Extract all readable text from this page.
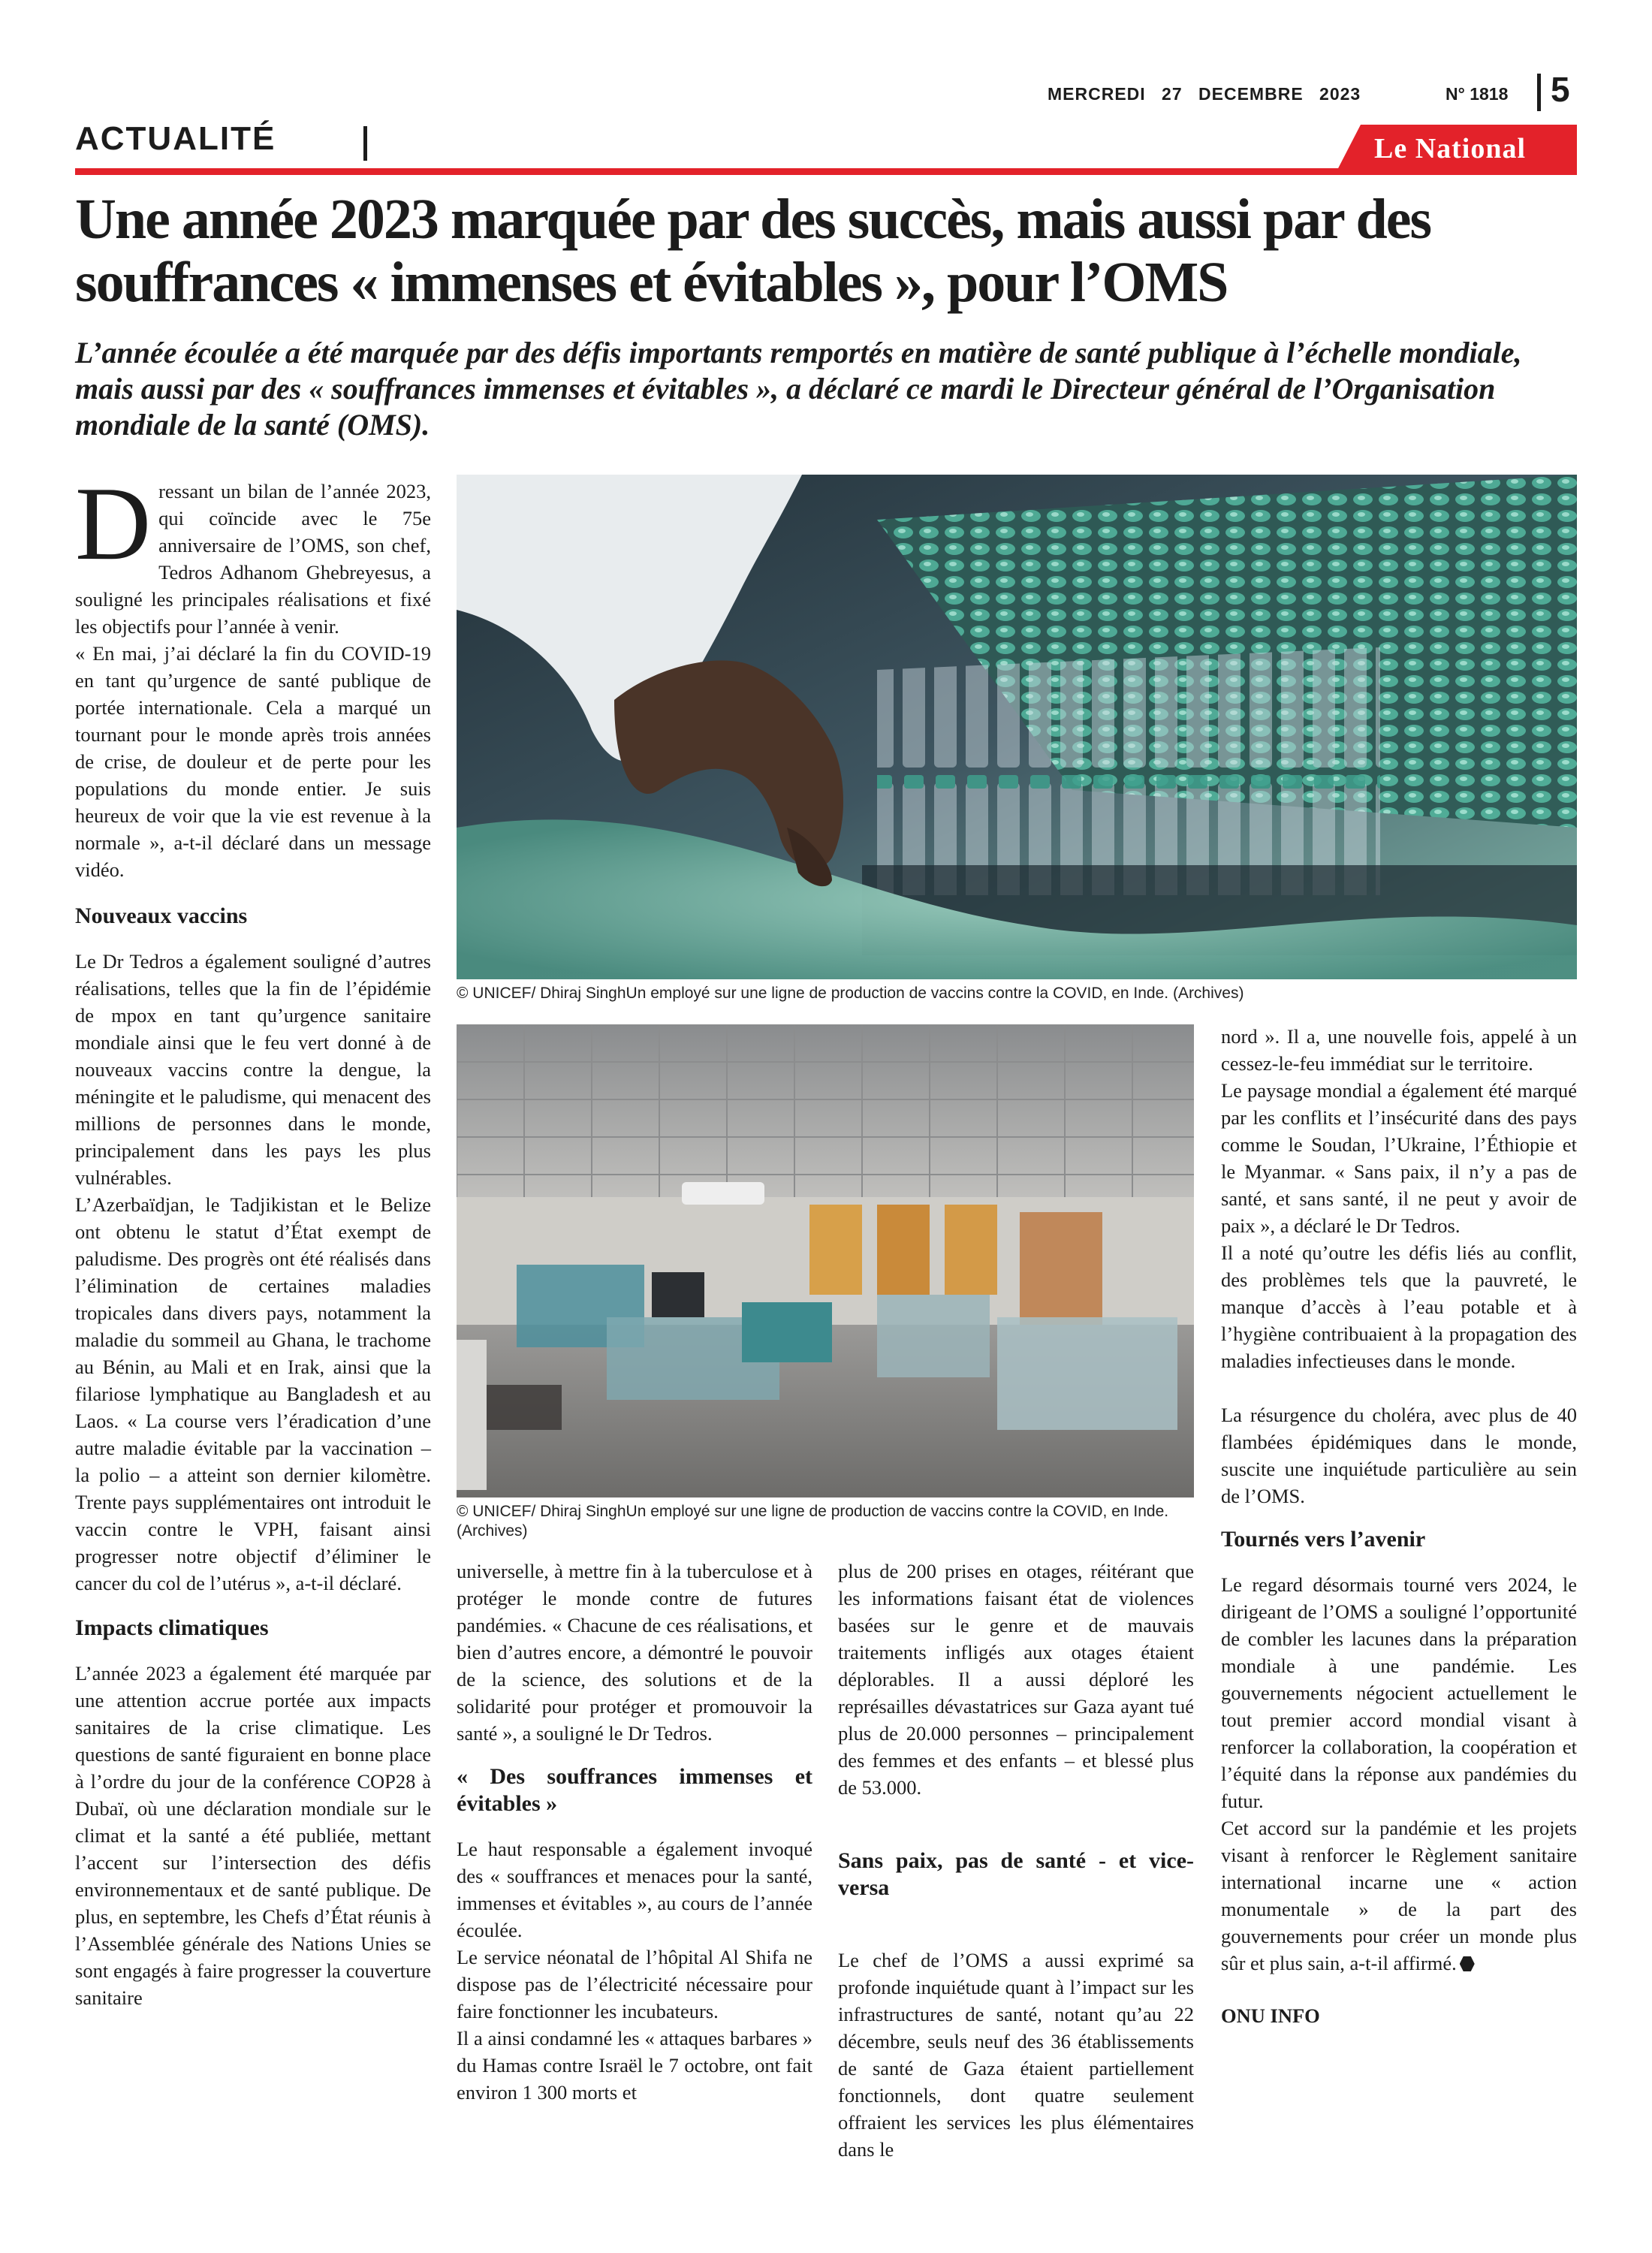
MERCREDI 27 DECEMBRE 2023	N° 1818 5
ACTUALITÉ	Le National
Une année 2023 marquée par des succès, mais aussi par des souffrances « immenses et évitables », pour l’OMS

L’année écoulée a été marquée par des défis importants remportés en matière de santé publique à l’échelle mondiale, mais aussi par des « souffrances immenses et évitables », a déclaré ce mardi le Directeur général de l’Organisation mondiale de la santé (OMS).

Dressant un bilan de l’année 2023, qui coïncide avec le 75e anniversaire de l’OMS, son chef, Tedros Adhanom Ghebreyesus, a souligné les principales réalisations et fixé les objectifs pour l’année à venir.

« En mai, j’ai déclaré la fin du COVID-19 en tant qu’urgence de santé publique de portée internationale. Cela a marqué un tournant pour le monde après trois années de crise, de douleur et de perte pour les populations du monde entier. Je suis heureux de voir que la vie est revenue à la normale », a-t-il déclaré dans un message vidéo.

Nouveaux vaccins

Le Dr Tedros a également souligné d’autres réalisations, telles que la fin de l’épidémie de mpox en tant qu’urgence sanitaire mondiale ainsi que le feu vert donné à de nouveaux vaccins contre la dengue, la méningite et le paludisme, qui menacent des millions de personnes dans le monde, principalement dans les pays les plus vulnérables.

L’Azerbaïdjan, le Tadjikistan et le Belize ont obtenu le statut d’État exempt de paludisme. Des progrès ont été réalisés dans l’élimination de certaines maladies tropicales dans divers pays, notamment la maladie du sommeil au Ghana, le trachome au Bénin, au Mali et en Irak, ainsi que la filariose lymphatique au Bangladesh et au Laos. « La course vers l’éradication d’une autre maladie évitable par la vaccination – la polio – a atteint son dernier kilomètre. Trente pays supplémentaires ont introduit le vaccin contre le VPH, faisant ainsi progresser notre objectif d’éliminer le cancer du col de l’utérus », a-t-il déclaré.

Impacts climatiques

L’année 2023 a également été marquée par une attention accrue portée aux impacts sanitaires de la crise climatique. Les questions de santé figuraient en bonne place à l’ordre du jour de la conférence COP28 à Dubaï, où une déclaration mondiale sur le climat et la santé a été publiée, mettant l’accent sur l’intersection des défis environnementaux et de santé publique. De plus, en septembre, les Chefs d’État réunis à l’Assemblée générale des Nations Unies se sont engagés à faire progresser la couverture sanitaire

© UNICEF/ Dhiraj SinghUn employé sur une ligne de production de vaccins contre la COVID, en Inde. (Archives)
© UNICEF/ Dhiraj SinghUn employé sur une ligne de production de vaccins contre la COVID, en Inde. (Archives)

universelle, à mettre fin à la tuberculose et à protéger le monde contre de futures pandémies. « Chacune de ces réalisations, et bien d’autres encore, a démontré le pouvoir de la science, des solutions et de la solidarité pour protéger et promouvoir la santé », a souligné le Dr Tedros.

« Des souffrances immenses et évitables »

Le haut responsable a également invoqué des « souffrances et menaces pour la santé, immenses et évitables », au cours de l’année écoulée.

Le service néonatal de l’hôpital Al Shifa ne dispose pas de l’électricité nécessaire pour faire fonctionner les incubateurs.

Il a ainsi condamné les « attaques barbares » du Hamas contre Israël le 7 octobre, ont fait environ 1 300 morts et

plus de 200 prises en otages, réitérant que les informations faisant état de violences basées sur le genre et de mauvais traitements infligés aux otages étaient déplorables. Il a aussi déploré les représailles dévastatrices sur Gaza ayant tué plus de 20.000 personnes – principalement des femmes et des enfants – et blessé plus de 53.000.

Sans paix, pas de santé - et vice-versa

Le chef de l’OMS a aussi exprimé sa profonde inquiétude quant à l’impact sur les infrastructures de santé, notant qu’au 22 décembre, seuls neuf des 36 établissements de santé de Gaza étaient partiellement fonctionnels, dont quatre seulement offraient les services les plus élémentaires dans le

nord ». Il a, une nouvelle fois, appelé à un cessez-le-feu immédiat sur le territoire.

Le paysage mondial a également été marqué par les conflits et l’insécurité dans des pays comme le Soudan, l’Ukraine, l’Éthiopie et le Myanmar. « Sans paix, il n’y a pas de santé, et sans santé, il ne peut y avoir de paix », a déclaré le Dr Tedros.

Il a noté qu’outre les défis liés au conflit, des problèmes tels que la pauvreté, le manque d’accès à l’eau potable et à l’hygiène contribuaient à la propagation des maladies infectieuses dans le monde.

La résurgence du choléra, avec plus de 40 flambées épidémiques dans le monde, suscite une inquiétude particulière au sein de l’OMS.

Tournés vers l’avenir

Le regard désormais tourné vers 2024, le dirigeant de l’OMS a souligné l’opportunité de combler les lacunes dans la préparation mondiale à une pandémie. Les gouvernements négocient actuellement le tout premier accord mondial visant à renforcer la collaboration, la coopération et l’équité dans la réponse aux pandémies du futur.

Cet accord sur la pandémie et les projets visant à renforcer le Règlement sanitaire international incarne une « action monumentale » de la part des gouvernements pour créer un monde plus sûr et plus sain, a-t-il affirmé.

ONU INFO
